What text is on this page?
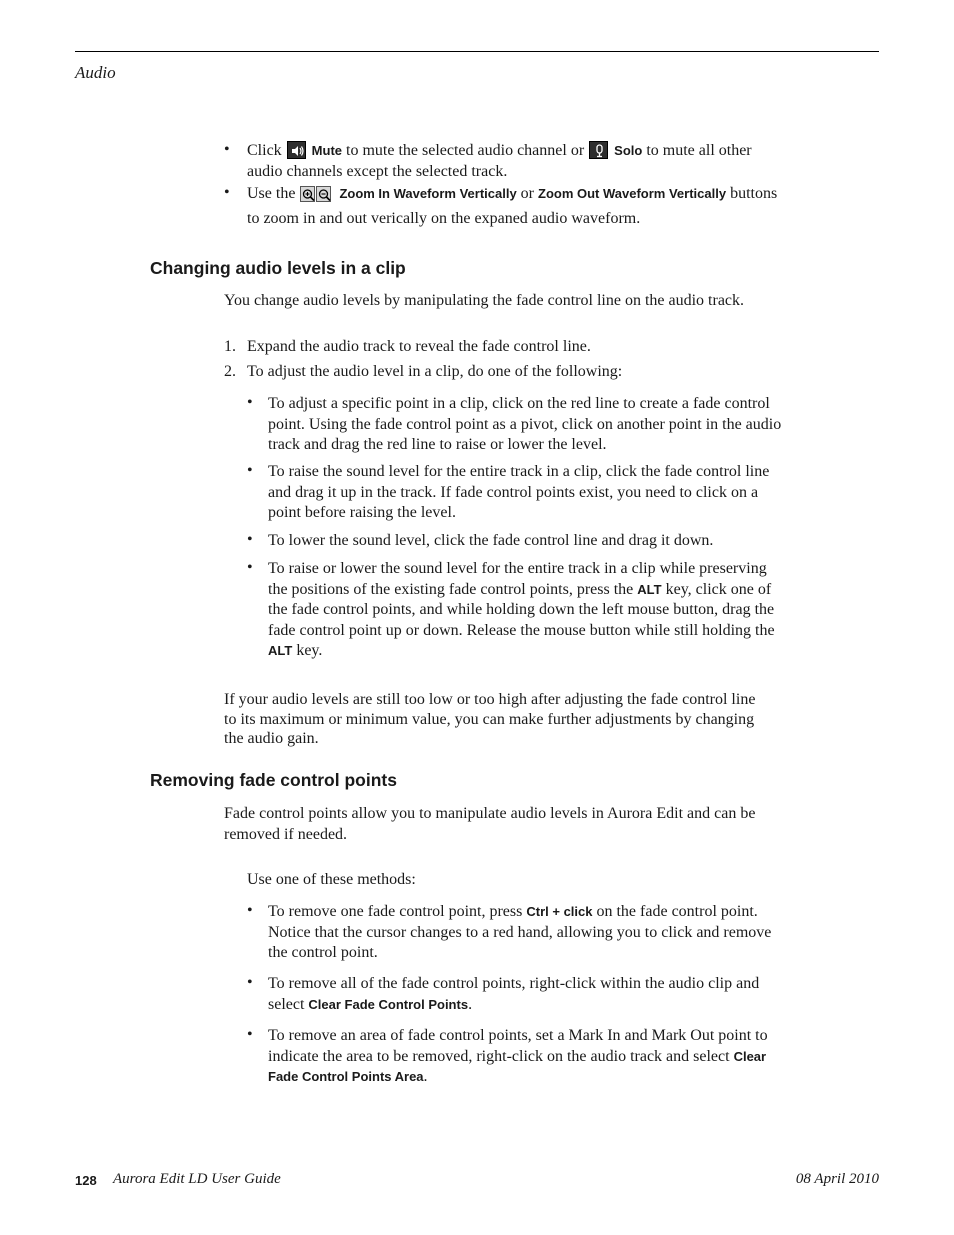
Audio
• Click Mute to mute the selected audio channel or Solo to mute all other
audio channels except the selected track.
• Use the	Zoom In Waveform Vertically or Zoom Out Waveform Vertically buttons
to zoom in and out verically on the expaned audio waveform.
Changing audio levels in a clip
You change audio levels by manipulating the fade control line on the audio track.
1. Expand the audio track to reveal the fade control line.
2. To adjust the audio level in a clip, do one of the following:
• To adjust a specific point in a clip, click on the red line to create a fade control
point. Using the fade control point as a pivot, click on another point in the audio
track and drag the red line to raise or lower the level.
• To raise the sound level for the entire track in a clip, click the fade control line
and drag it up in the track. If fade control points exist, you need to click on a
point before raising the level.
• To lower the sound level, click the fade control line and drag it down.
• To raise or lower the sound level for the entire track in a clip while preserving
the positions of the existing fade control points, press the ALT key, click one of
the fade control points, and while holding down the left mouse button, drag the
fade control point up or down. Release the mouse button while still holding the
ALT key.
If your audio levels are still too low or too high after adjusting the fade control line
to its maximum or minimum value, you can make further adjustments by changing
the audio gain.
Removing fade control points
Fade control points allow you to manipulate audio levels in Aurora Edit and can be
removed if needed.
Use one of these methods:
• To remove one fade control point, press Ctrl + click on the fade control point.
Notice that the cursor changes to a red hand, allowing you to click and remove
the control point.
• To remove all of the fade control points, right-click within the audio clip and
select Clear Fade Control Points.
• To remove an area of fade control points, set a Mark In and Mark Out point to
indicate the area to be removed, right-click on the audio track and select Clear
Fade Control Points Area.
128 Aurora Edit LD User Guide	08 April 2010
